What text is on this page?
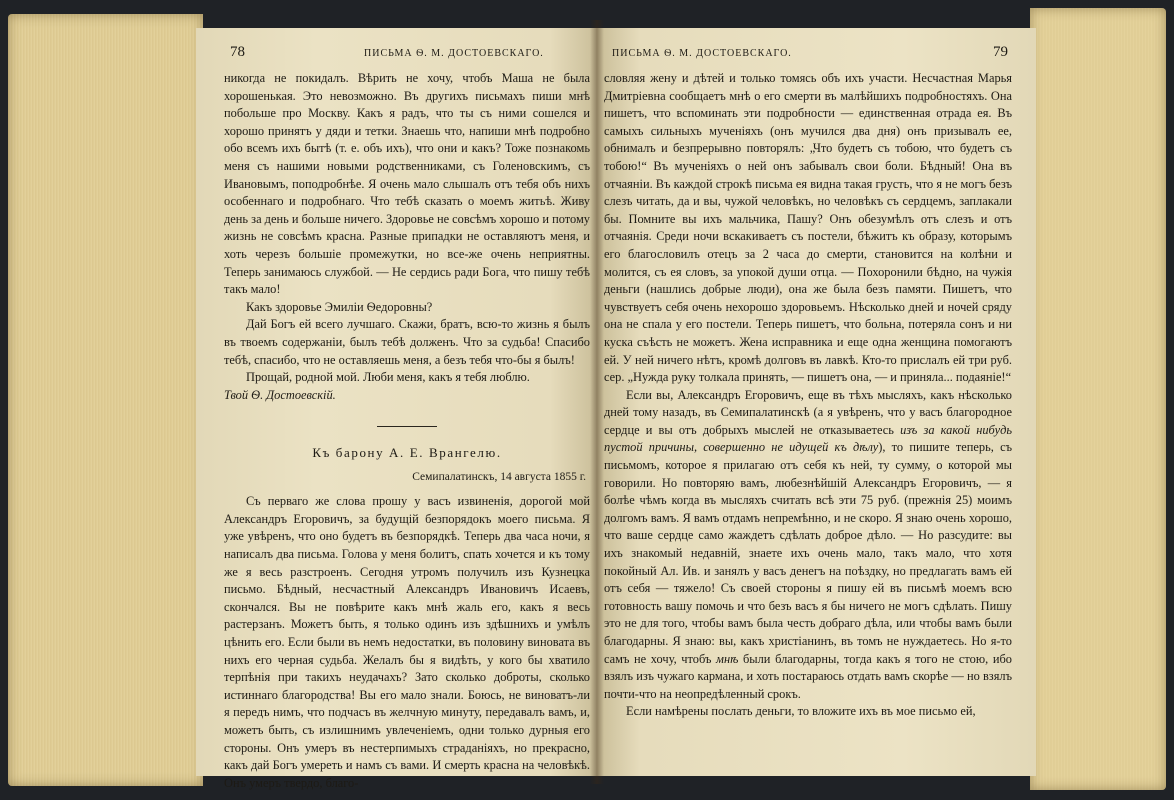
78	ПИСЬМА Ѳ. М. ДОСТОЕВСКАГО.

никогда не покидалъ. Вѣрить не хочу, чтобъ Маша не была хорошенькая. Это невозможно. Въ другихъ письмахъ пиши мнѣ побольше про Москву. Какъ я радъ, что ты съ ними сошелся и хорошо принятъ у дяди и тетки. Знаешь что, напиши мнѣ подробно обо всемъ ихъ бытѣ (т. е. объ ихъ), что они и какъ? Тоже познакомь меня съ нашими новыми родственниками, съ Голеновскимъ, съ Ивановымъ, поподробнѣе. Я очень мало слышалъ отъ тебя объ нихъ особеннаго и подробнаго. Что тебѣ сказать о моемъ житьѣ. Живу день за день и больше ничего. Здоровье не совсѣмъ хорошо и потому жизнь не совсѣмъ красна. Разные припадки не оставляютъ меня, и хоть черезъ большіе промежутки, но все-же очень неприятны. Теперь занимаюсь службой. — Не сердись ради Бога, что пишу тебѣ такъ мало!

Какъ здоровье Эмиліи Ѳедоровны?

Дай Богъ ей всего лучшаго. Скажи, братъ, всю-то жизнь я былъ въ твоемъ содержаніи, былъ тебѣ долженъ. Что за судьба! Спасибо тебѣ, спасибо, что не оставляешь меня, а безъ тебя что-бы я былъ!

Прощай, родной мой. Люби меня, какъ я тебя люблю.

Твой Ѳ. Достоевскій.

Къ барону А. Е. Врангелю.
Семипалатинскъ, 14 августа 1855 г.

Съ перваго же слова прошу у васъ извиненія, дорогой мой Александръ Егоровичъ, за будущій безпорядокъ моего письма. Я уже увѣренъ, что оно будетъ въ безпорядкѣ. Теперь два часа ночи, я написалъ два письма. Голова у меня болитъ, спать хочется и къ тому же я весь разстроенъ. Сегодня утромъ получилъ изъ Кузнецка письмо. Бѣдный, несчастный Александръ Ивановичъ Исаевъ, скончался. Вы не повѣрите какъ мнѣ жаль его, какъ я весь растерзанъ. Можетъ быть, я только одинъ изъ здѣшнихъ и умѣлъ цѣнить его. Если были въ немъ недостатки, въ половину виновата въ нихъ его черная судьба. Желалъ бы я видѣть, у кого бы хватило терпѣнія при такихъ неудачахъ? Зато сколько доброты, сколько истиннаго благородства! Вы его мало знали. Боюсь, не виноватъ-ли я передъ нимъ, что подчасъ въ желчную минуту, передавалъ вамъ, и, можетъ быть, съ излишнимъ увлеченіемъ, одни только дурныя его стороны. Онъ умеръ въ нестерпимыхъ страданіяхъ, но прекрасно, какъ дай Богъ умереть и намъ съ вами. И смерть красна на человѣкѣ. Онъ умеръ твердо, благо-

ПИСЬМА Ѳ. М. ДОСТОЕВСКАГО.	79

словляя жену и дѣтей и только томясь объ ихъ участи. Несчастная Марья Дмитріевна сообщаетъ мнѣ о его смерти въ малѣйшихъ подробностяхъ. Она пишетъ, что вспоминать эти подробности — единственная отрада ея. Въ самыхъ сильныхъ мученіяхъ (онъ мучился два дня) онъ призывалъ ее, обнималъ и безпрерывно повторялъ: „Что будетъ съ тобою, что будетъ съ тобою!“ Въ мученіяхъ о ней онъ забывалъ свои боли. Бѣдный! Она въ отчаяніи. Въ каждой строкѣ письма ея видна такая грусть, что я не могъ безъ слезъ читать, да и вы, чужой человѣкъ, но человѣкъ съ сердцемъ, заплакали бы. Помните вы ихъ мальчика, Пашу? Онъ обезумѣлъ отъ слезъ и отъ отчаянія. Среди ночи вскакиваетъ съ постели, бѣжитъ къ образу, которымъ его благословилъ отецъ за 2 часа до смерти, становится на колѣни и молится, съ ея словъ, за упокой души отца. — Похоронили бѣдно, на чужія деньги (нашлись добрые люди), она же была безъ памяти. Пишетъ, что чувствуетъ себя очень нехорошо здоровьемъ. Нѣсколько дней и ночей сряду она не спала у его постели. Теперь пишетъ, что больна, потеряла сонъ и ни куска съѣсть не можетъ. Жена исправника и еще одна женщина помогаютъ ей. У ней ничего нѣтъ, кромѣ долговъ въ лавкѣ. Кто-то прислалъ ей три руб. сер. „Нужда руку толкала принять, — пишетъ она, — и приняла... подаяніе!“

Если вы, Александръ Егоровичъ, еще въ тѣхъ мысляхъ, какъ нѣсколько дней тому назадъ, въ Семипалатинскѣ (а я увѣренъ, что у васъ благородное сердце и вы отъ добрыхъ мыслей не отказываетесь изъ за какой нибудь пустой причины, совершенно не идущей къ дѣлу), то пишите теперь, съ письмомъ, которое я прилагаю отъ себя къ ней, ту сумму, о которой мы говорили. Но повторяю вамъ, любезнѣйшій Александръ Егоровичъ, — я болѣе чѣмъ когда въ мысляхъ считать всѣ эти 75 руб. (прежнія 25) моимъ долгомъ вамъ. Я вамъ отдамъ непремѣнно, и не скоро. Я знаю очень хорошо, что ваше сердце само жаждетъ сдѣлать доброе дѣло. — Но разсудите: вы ихъ знакомый недавній, знаете ихъ очень мало, такъ мало, что хотя покойный Ал. Ив. и занялъ у васъ денегъ на поѣздку, но предлагать вамъ ей отъ себя — тяжело! Съ своей стороны я пишу ей въ письмѣ моемъ всю готовность вашу помочь и что безъ васъ я бы ничего не могъ сдѣлать. Пишу это не для того, чтобы вамъ была честь добраго дѣла, или чтобы вамъ были благодарны. Я знаю: вы, какъ христіанинъ, въ томъ не нуждаетесь. Но я-то самъ не хочу, чтобъ мнѣ были благодарны, тогда какъ я того не стою, ибо взялъ изъ чужаго кармана, и хоть постараюсь отдать вамъ скорѣе — но взялъ почти-что на неопредѣленный срокъ.

Если намѣрены послать деньги, то вложите ихъ въ мое письмо ей,
